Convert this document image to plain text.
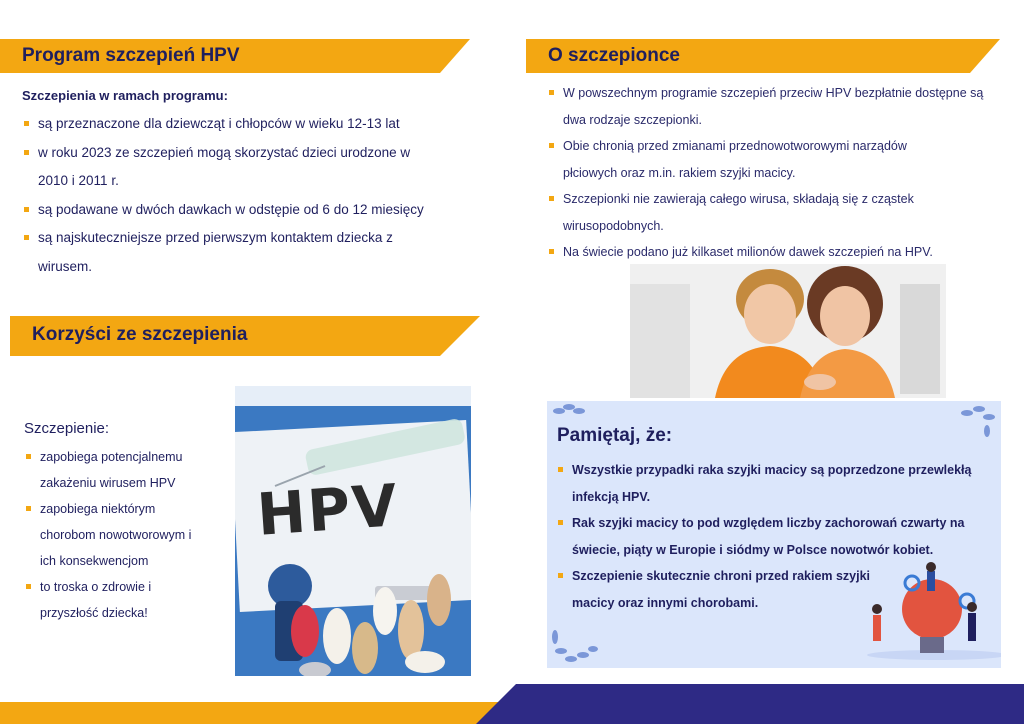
Program szczepień HPV
Szczepienia w ramach programu:
są przeznaczone dla dziewcząt i chłopców w wieku 12-13 lat
w roku 2023 ze szczepień mogą skorzystać dzieci urodzone w 2010 i 2011 r.
są podawane w dwóch dawkach w odstępie od 6 do 12 miesięcy
są najskuteczniejsze przed pierwszym kontaktem dziecka z wirusem.
Korzyści ze szczepienia
Szczepienie:
zapobiega potencjalnemu zakażeniu wirusem HPV
zapobiega niektórym chorobom nowotworowym i ich konsekwencjom
to troska o zdrowie i przyszłość dziecka!
HPV
O szczepionce
W powszechnym programie szczepień przeciw HPV bezpłatnie dostępne są dwa rodzaje szczepionki.
Obie chronią przed zmianami przednowotworowymi narządów płciowych oraz m.in. rakiem szyjki macicy.
Szczepionki nie zawierają całego wirusa, składają się z cząstek wirusopodobnych.
Na świecie podano już kilkaset milionów dawek szczepień na HPV.
Pamiętaj, że:
Wszystkie przypadki raka szyjki macicy są poprzedzone przewlekłą infekcją HPV.
Rak szyjki macicy to pod względem liczby zachorowań czwarty na świecie, piąty w Europie i siódmy w Polsce nowotwór kobiet.
Szczepienie skutecznie chroni przed rakiem szyjki macicy oraz innymi chorobami.
